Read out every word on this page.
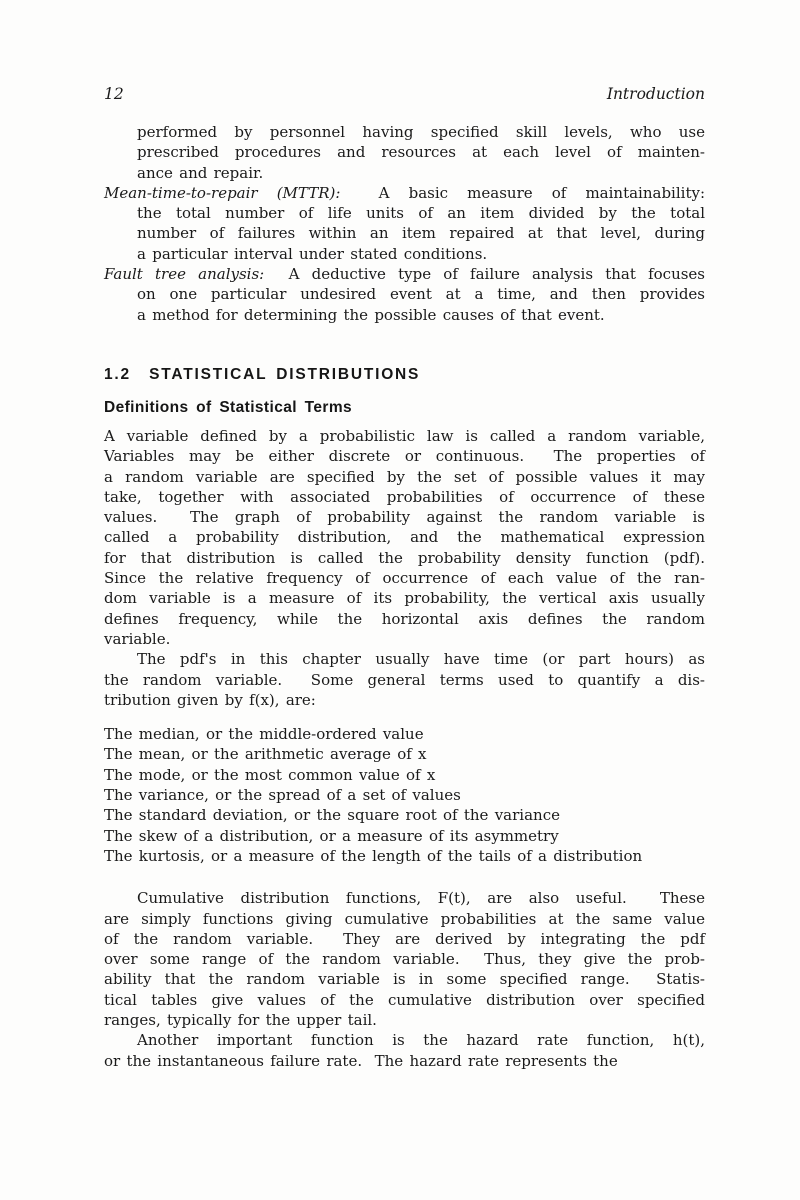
12	Introduction
performed by personnel having specified skill levels, who use
prescribed procedures and resources at each level of mainten-
ance and repair.
Mean-time-to-repair (MTTR):  A basic measure of maintainability:
the total number of life units of an item divided by the total
number of failures within an item repaired at that level, during
a particular interval under stated conditions.
Fault tree analysis:  A deductive type of failure analysis that focuses
on one particular undesired event at a time, and then provides
a method for determining the possible causes of that event.
1.2  STATISTICAL DISTRIBUTIONS
Definitions of Statistical Terms
A variable defined by a probabilistic law is called a random variable,
Variables may be either discrete or continuous.  The properties of
a random variable are specified by the set of possible values it may
take, together with associated probabilities of occurrence of these
values.  The graph of probability against the random variable is
called a probability distribution, and the mathematical expression
for that distribution is called the probability density function (pdf).
Since the relative frequency of occurrence of each value of the ran-
dom variable is a measure of its probability, the vertical axis usually
defines frequency, while the horizontal axis defines the random
variable.
The pdf's in this chapter usually have time (or part hours) as
the random variable.  Some general terms used to quantify a dis-
tribution given by f(x), are:
The median, or the middle-ordered value
The mean, or the arithmetic average of x
The mode, or the most common value of x
The variance, or the spread of a set of values
The standard deviation, or the square root of the variance
The skew of a distribution, or a measure of its asymmetry
The kurtosis, or a measure of the length of the tails of a distribution
Cumulative distribution functions, F(t), are also useful.  These
are simply functions giving cumulative probabilities at the same value
of the random variable.  They are derived by integrating the pdf
over some range of the random variable.  Thus, they give the prob-
ability that the random variable is in some specified range.  Statis-
tical tables give values of the cumulative distribution over specified
ranges, typically for the upper tail.
Another important function is the hazard rate function, h(t),
or the instantaneous failure rate.  The hazard rate represents the
